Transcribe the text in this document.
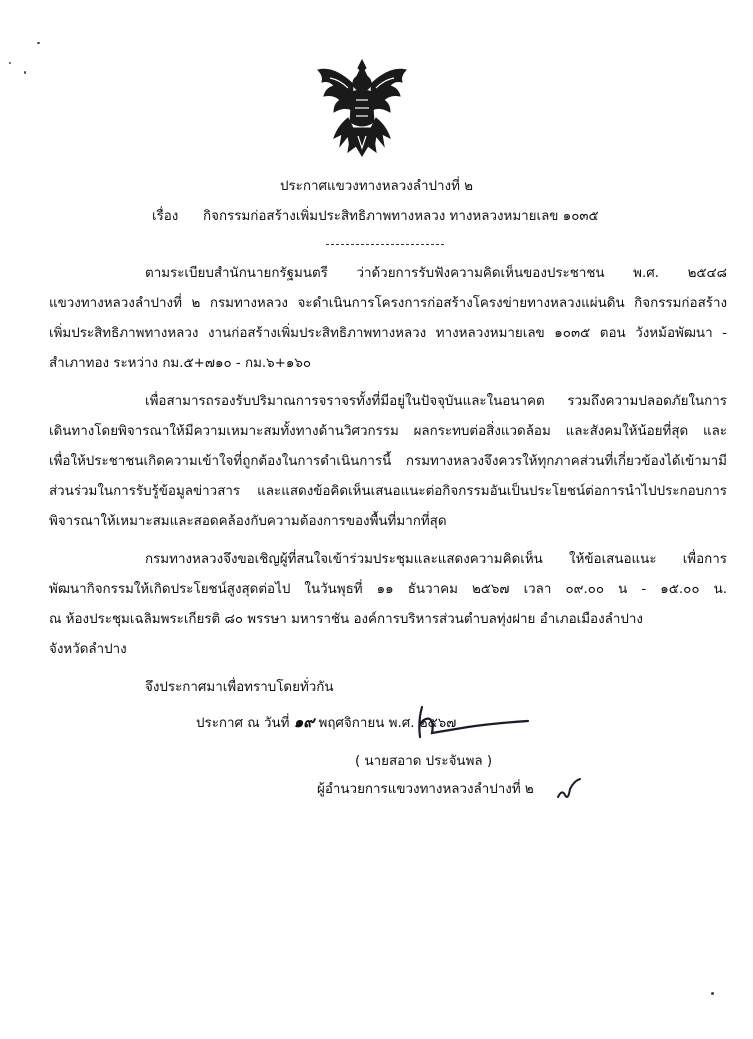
ประกาศแขวงทางหลวงลำปางที่ ๒
เรื่อง กิจกรรมก่อสร้างเพิ่มประสิทธิภาพทางหลวง ทางหลวงหมายเลข ๑๐๓๕
ตามระเบียบสำนักนายกรัฐมนตรี ว่าด้วยการรับฟังความคิดเห็นของประชาชน พ.ศ. ๒๕๔๘
แขวงทางหลวงลำปางที่ ๒ กรมทางหลวง จะดำเนินการโครงการก่อสร้างโครงข่ายทางหลวงแผ่นดิน กิจกรรมก่อสร้าง
เพิ่มประสิทธิภาพทางหลวง งานก่อสร้างเพิ่มประสิทธิภาพทางหลวง ทางหลวงหมายเลข ๑๐๓๕ ตอน วังหม้อพัฒนา -
สำเภาทอง ระหว่าง กม.๕+๗๑๐ - กม.๖+๑๖๐
เพื่อสามารถรองรับปริมาณการจราจรทั้งที่มีอยู่ในปัจจุบันและในอนาคต รวมถึงความปลอดภัยในการ
เดินทางโดยพิจารณาให้มีความเหมาะสมทั้งทางด้านวิศวกรรม ผลกระทบต่อสิ่งแวดล้อม และสังคมให้น้อยที่สุด และ
เพื่อให้ประชาชนเกิดความเข้าใจที่ถูกต้องในการดำเนินการนี้ กรมทางหลวงจึงควรให้ทุกภาคส่วนที่เกี่ยวข้องได้เข้ามามี
ส่วนร่วมในการรับรู้ข้อมูลข่าวสาร และแสดงข้อคิดเห็นเสนอแนะต่อกิจกรรมอันเป็นประโยชน์ต่อการนำไปประกอบการ
พิจารณาให้เหมาะสมและสอดคล้องกับความต้องการของพื้นที่มากที่สุด
กรมทางหลวงจึงขอเชิญผู้ที่สนใจเข้าร่วมประชุมและแสดงความคิดเห็น ให้ข้อเสนอแนะ เพื่อการ
พัฒนากิจกรรมให้เกิดประโยชน์สูงสุดต่อไป ในวันพุธที่ ๑๑ ธันวาคม ๒๕๖๗ เวลา ๐๙.๐๐ น - ๑๕.๐๐ น.
ณ ห้องประชุมเฉลิมพระเกียรติ ๘๐ พรรษา มหาราชัน องค์การบริหารส่วนตำบลทุ่งฝาย อำเภอเมืองลำปาง
จังหวัดลำปาง
จึงประกาศมาเพื่อทราบโดยทั่วกัน
ประกาศ ณ วันที่ ๑๙ พฤศจิกายน พ.ศ. ๒๕๖๗
( นายสอาด ประจันพล )
ผู้อำนวยการแขวงทางหลวงลำปางที่ ๒
